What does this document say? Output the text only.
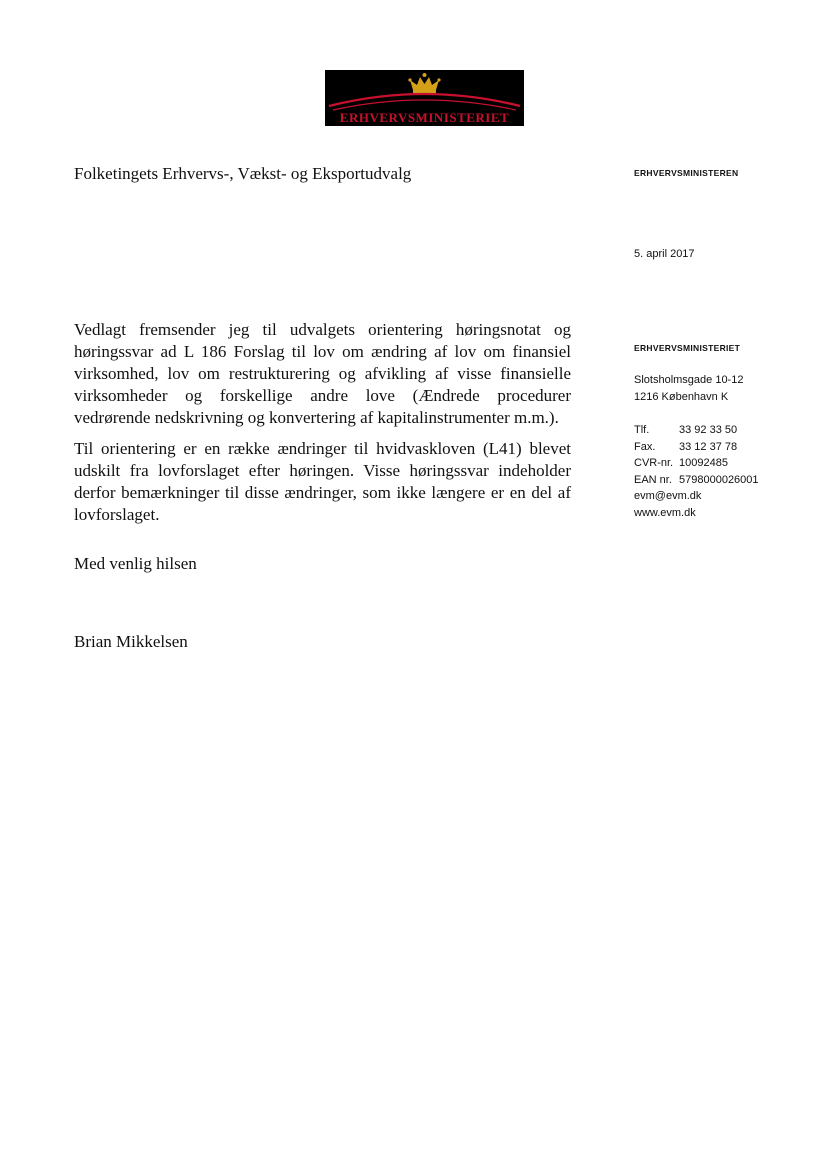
ERHVERVSMINISTERIET
Folketingets Erhvervs-, Vækst- og Eksportudvalg	ERHVERVSMINISTEREN
5. april 2017
ERHVERVSMINISTERIET
Slotsholmsgade 10-12
1216 København K
Tlf.	33 92 33 50
Fax.	33 12 37 78
CVR-nr. 10092485
EAN nr. 5798000026001
evm@evm.dk
www.evm.dk
Vedlagt fremsender jeg til udvalgets orientering høringsnotat og høringssvar ad L 186 Forslag til lov om ændring af lov om finansiel virksomhed, lov om restrukturering og afvikling af visse finansielle virksomheder og forskellige andre love (Ændrede procedurer vedrørende nedskrivning og konvertering af kapitalinstrumenter m.m.).
Til orientering er en række ændringer til hvidvaskloven (L41) blevet udskilt fra lovforslaget efter høringen. Visse høringssvar indeholder derfor bemærkninger til disse ændringer, som ikke længere er en del af lovforslaget.
Med venlig hilsen
Brian Mikkelsen
